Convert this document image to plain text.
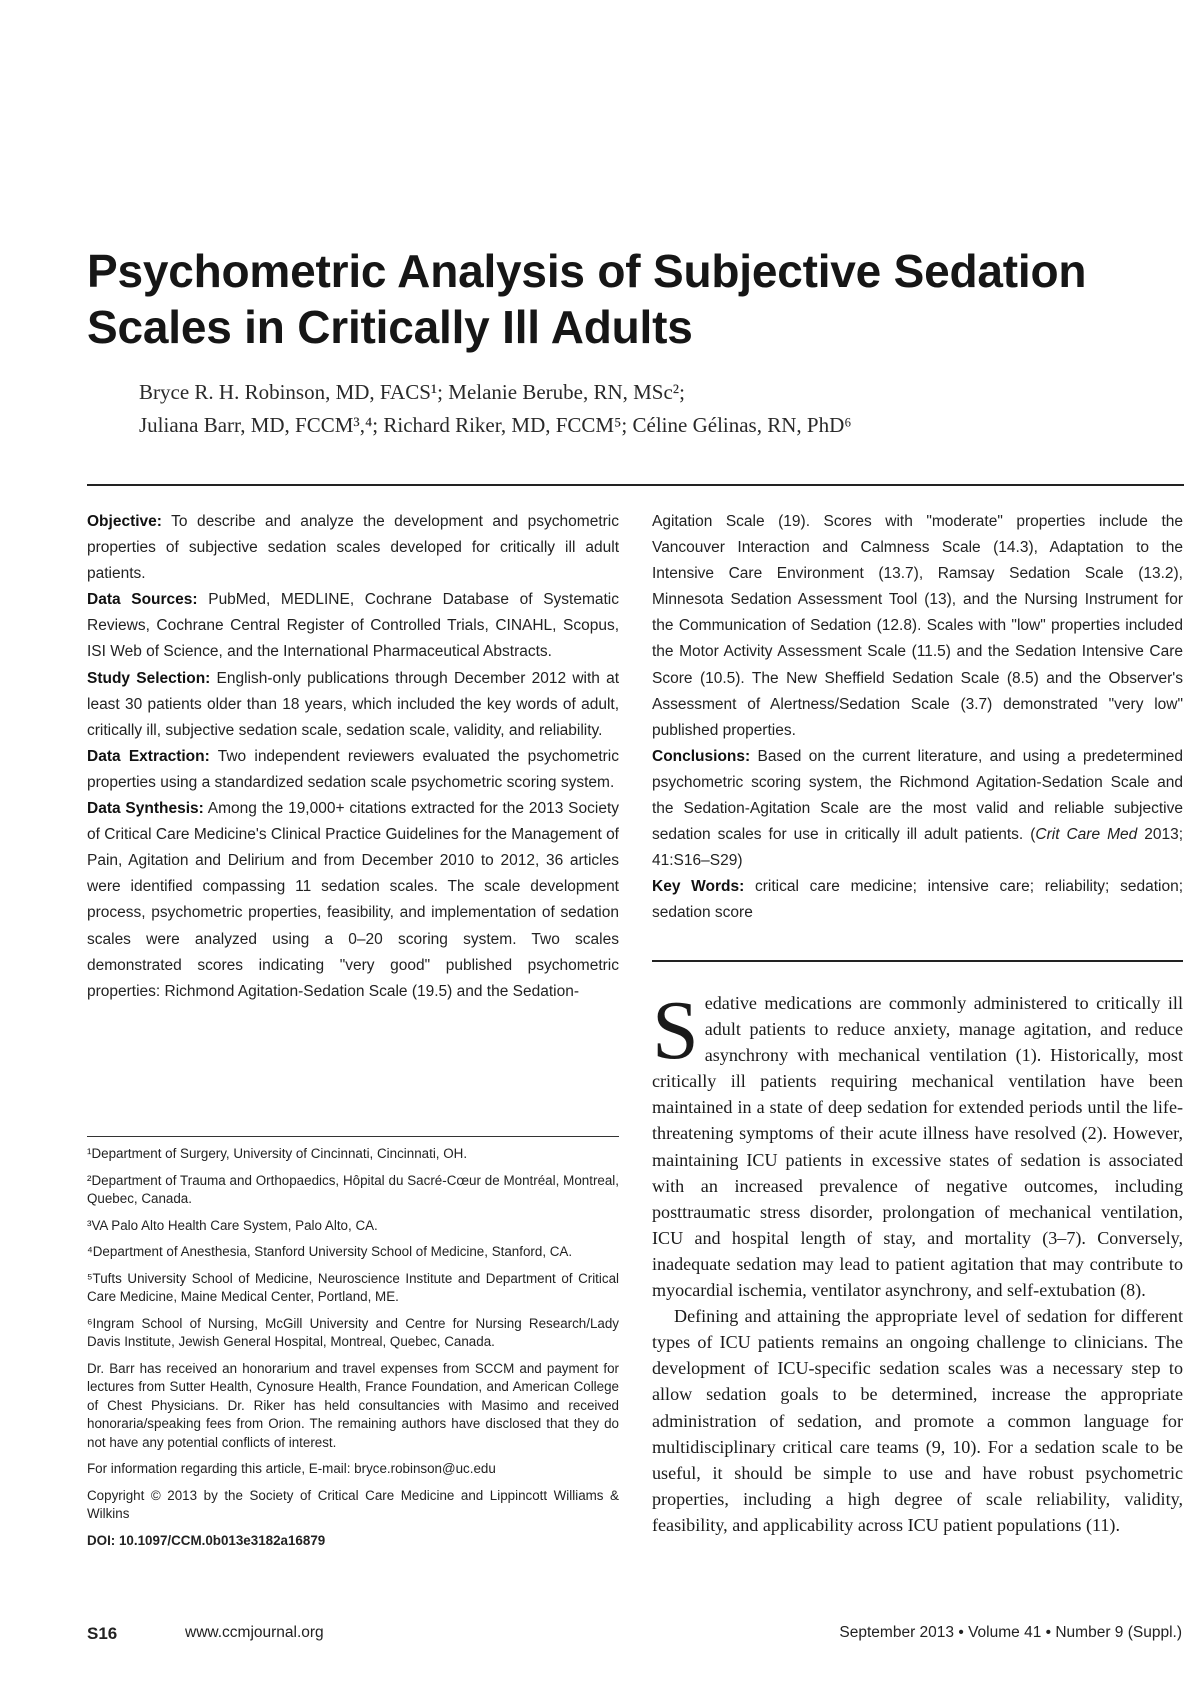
Psychometric Analysis of Subjective Sedation
Scales in Critically Ill Adults
Bryce R. H. Robinson, MD, FACS¹; Melanie Berube, RN, MSc²;
Juliana Barr, MD, FCCM³,⁴; Richard Riker, MD, FCCM⁵; Céline Gélinas, RN, PhD⁶

Objective: To describe and analyze the development and psychometric properties of subjective sedation scales developed for critically ill adult patients.

Data Sources: PubMed, MEDLINE, Cochrane Database of Systematic Reviews, Cochrane Central Register of Controlled Trials, CINAHL, Scopus, ISI Web of Science, and the International Pharmaceutical Abstracts.

Study Selection: English-only publications through December 2012 with at least 30 patients older than 18 years, which included the key words of adult, critically ill, subjective sedation scale, sedation scale, validity, and reliability.

Data Extraction: Two independent reviewers evaluated the psychometric properties using a standardized sedation scale psychometric scoring system.

Data Synthesis: Among the 19,000+ citations extracted for the 2013 Society of Critical Care Medicine's Clinical Practice Guidelines for the Management of Pain, Agitation and Delirium and from December 2010 to 2012, 36 articles were identified compassing 11 sedation scales. The scale development process, psychometric properties, feasibility, and implementation of sedation scales were analyzed using a 0–20 scoring system. Two scales demonstrated scores indicating "very good" published psychometric properties: Richmond Agitation-Sedation Scale (19.5) and the Sedation-

Agitation Scale (19). Scores with "moderate" properties include the Vancouver Interaction and Calmness Scale (14.3), Adaptation to the Intensive Care Environment (13.7), Ramsay Sedation Scale (13.2), Minnesota Sedation Assessment Tool (13), and the Nursing Instrument for the Communication of Sedation (12.8). Scales with "low" properties included the Motor Activity Assessment Scale (11.5) and the Sedation Intensive Care Score (10.5). The New Sheffield Sedation Scale (8.5) and the Observer's Assessment of Alertness/Sedation Scale (3.7) demonstrated "very low" published properties.

Conclusions: Based on the current literature, and using a predetermined psychometric scoring system, the Richmond Agitation-Sedation Scale and the Sedation-Agitation Scale are the most valid and reliable subjective sedation scales for use in critically ill adult patients. (Crit Care Med 2013; 41:S16–S29)

Key Words: critical care medicine; intensive care; reliability; sedation; sedation score

¹Department of Surgery, University of Cincinnati, Cincinnati, OH.

²Department of Trauma and Orthopaedics, Hôpital du Sacré-Cœur de Montréal, Montreal, Quebec, Canada.

³VA Palo Alto Health Care System, Palo Alto, CA.

⁴Department of Anesthesia, Stanford University School of Medicine, Stanford, CA.

⁵Tufts University School of Medicine, Neuroscience Institute and Department of Critical Care Medicine, Maine Medical Center, Portland, ME.

⁶Ingram School of Nursing, McGill University and Centre for Nursing Research/Lady Davis Institute, Jewish General Hospital, Montreal, Quebec, Canada.

Dr. Barr has received an honorarium and travel expenses from SCCM and payment for lectures from Sutter Health, Cynosure Health, France Foundation, and American College of Chest Physicians. Dr. Riker has held consultancies with Masimo and received honoraria/speaking fees from Orion. The remaining authors have disclosed that they do not have any potential conflicts of interest.

For information regarding this article, E-mail: bryce.robinson@uc.edu

Copyright © 2013 by the Society of Critical Care Medicine and Lippincott Williams & Wilkins

DOI: 10.1097/CCM.0b013e3182a16879

Sedative medications are commonly administered to critically ill adult patients to reduce anxiety, manage agitation, and reduce asynchrony with mechanical ventilation (1). Historically, most critically ill patients requiring mechanical ventilation have been maintained in a state of deep sedation for extended periods until the life-threatening symptoms of their acute illness have resolved (2). However, maintaining ICU patients in excessive states of sedation is associated with an increased prevalence of negative outcomes, including posttraumatic stress disorder, prolongation of mechanical ventilation, ICU and hospital length of stay, and mortality (3–7). Conversely, inadequate sedation may lead to patient agitation that may contribute to myocardial ischemia, ventilator asynchrony, and self-extubation (8).

Defining and attaining the appropriate level of sedation for different types of ICU patients remains an ongoing challenge to clinicians. The development of ICU-specific sedation scales was a necessary step to allow sedation goals to be determined, increase the appropriate administration of sedation, and promote a common language for multidisciplinary critical care teams (9, 10). For a sedation scale to be useful, it should be simple to use and have robust psychometric properties, including a high degree of scale reliability, validity, feasibility, and applicability across ICU patient populations (11).

S16	www.ccmjournal.org	September 2013 • Volume 41 • Number 9 (Suppl.)
